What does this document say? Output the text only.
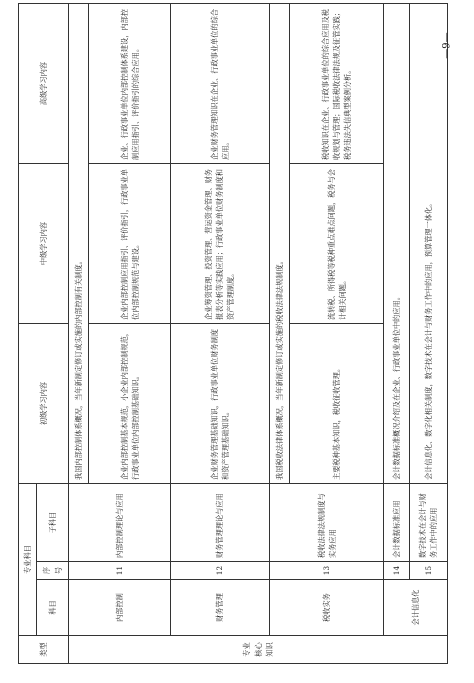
类型	专业科目			初级学习内容	中级学习内容	高级学习内容
	科目	序号	子科目			
专业核心知识	内部控制	11	内部控制理论与应用	我国内部控制体系概况，当年新制定修订或实施的内部控制有关制度。		
				企业内部控制基本规范，小企业内部控制规范，行政事业单位内部控制基础知识。	企业内部控制应用指引、评价指引，行政事业单位内部控制规范与建设。	企业、行政事业单位内部控制体系建设，内部控制应用指引、评价指引的综合应用。
	财务管理	12	财务管理理论与应用	企业财务管理基础知识，行政事业单位财务制度和资产管理基础知识。	企业筹资管理、投资管理、营运资金管理、财务报表分析等实践应用；行政事业单位财务制度和资产管理制度。	企业财务管理知识在企业、行政事业单位的综合应用。
	税收实务	13	税收法律法规制度与实务应用	我国税收法律体系概况，当年新制定修订或实施的税收法律法规制度。		
				主要税种基本知识，税收征收管理。	流转税、所得税等税种重点难点问题，税务与会计相关问题。	税收知识在企业、行政事业单位的综合应用及税收规划与管理；国际税收法律法规及征管实践；税务违法失信典型案例分析。
	会计信息化	14	会计数据标准应用	会计数据标准概况介绍及在企业、行政事业单位中的应用。		
		15	数字技术在会计与财务工作中的应用	会计信息化、数字化相关制度，数字技术在会计与财务工作中的应用，预算管理一体化。		
—9—
